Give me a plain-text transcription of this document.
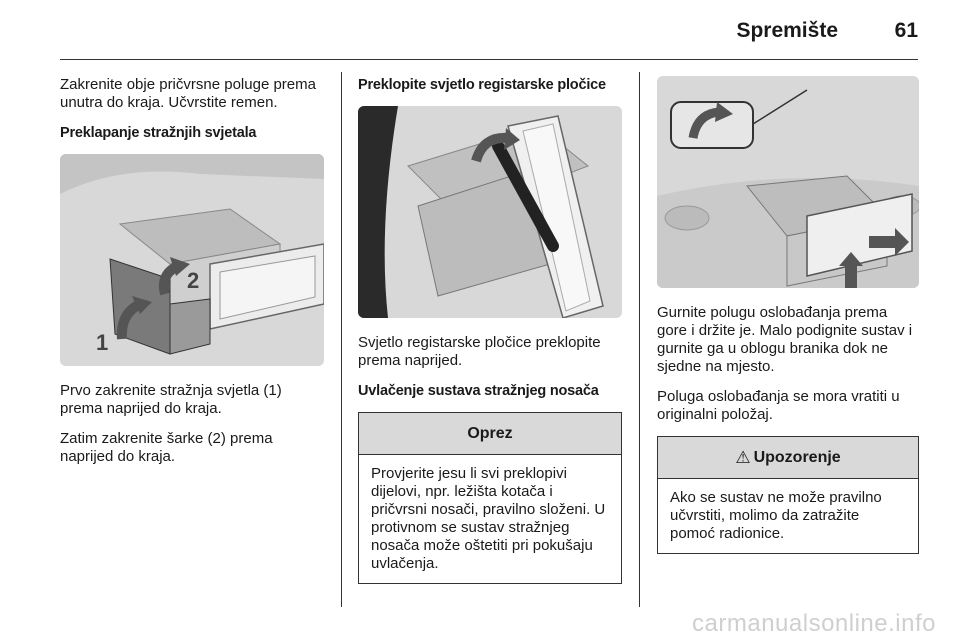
Spremište	61

Zakrenite obje pričvrsne poluge prema unutra do kraja. Učvrstite remen.

Preklapanje stražnjih svjetala

1
2

Prvo zakrenite stražnja svjetla (1) prema naprijed do kraja.

Zatim zakrenite šarke (2) prema naprijed do kraja.

Preklopite svjetlo registarske pločice

Svjetlo registarske pločice preklopite prema naprijed.

Uvlačenje sustava stražnjeg nosača

Oprez
Provjerite jesu li svi preklopivi dijelovi, npr. ležišta kotača i pričvrsni nosači, pravilno složeni. U protivnom se sustav stražnjeg nosača može oštetiti pri pokušaju uvlačenja.

Gurnite polugu oslobađanja prema gore i držite je. Malo podignite sustav i gurnite ga u oblogu branika dok ne sjedne na mjesto.

Poluga oslobađanja se mora vratiti u originalni položaj.

⚠ Upozorenje
Ako se sustav ne može pravilno učvrstiti, molimo da zatražite pomoć radionice.
carmanualsonline.info
